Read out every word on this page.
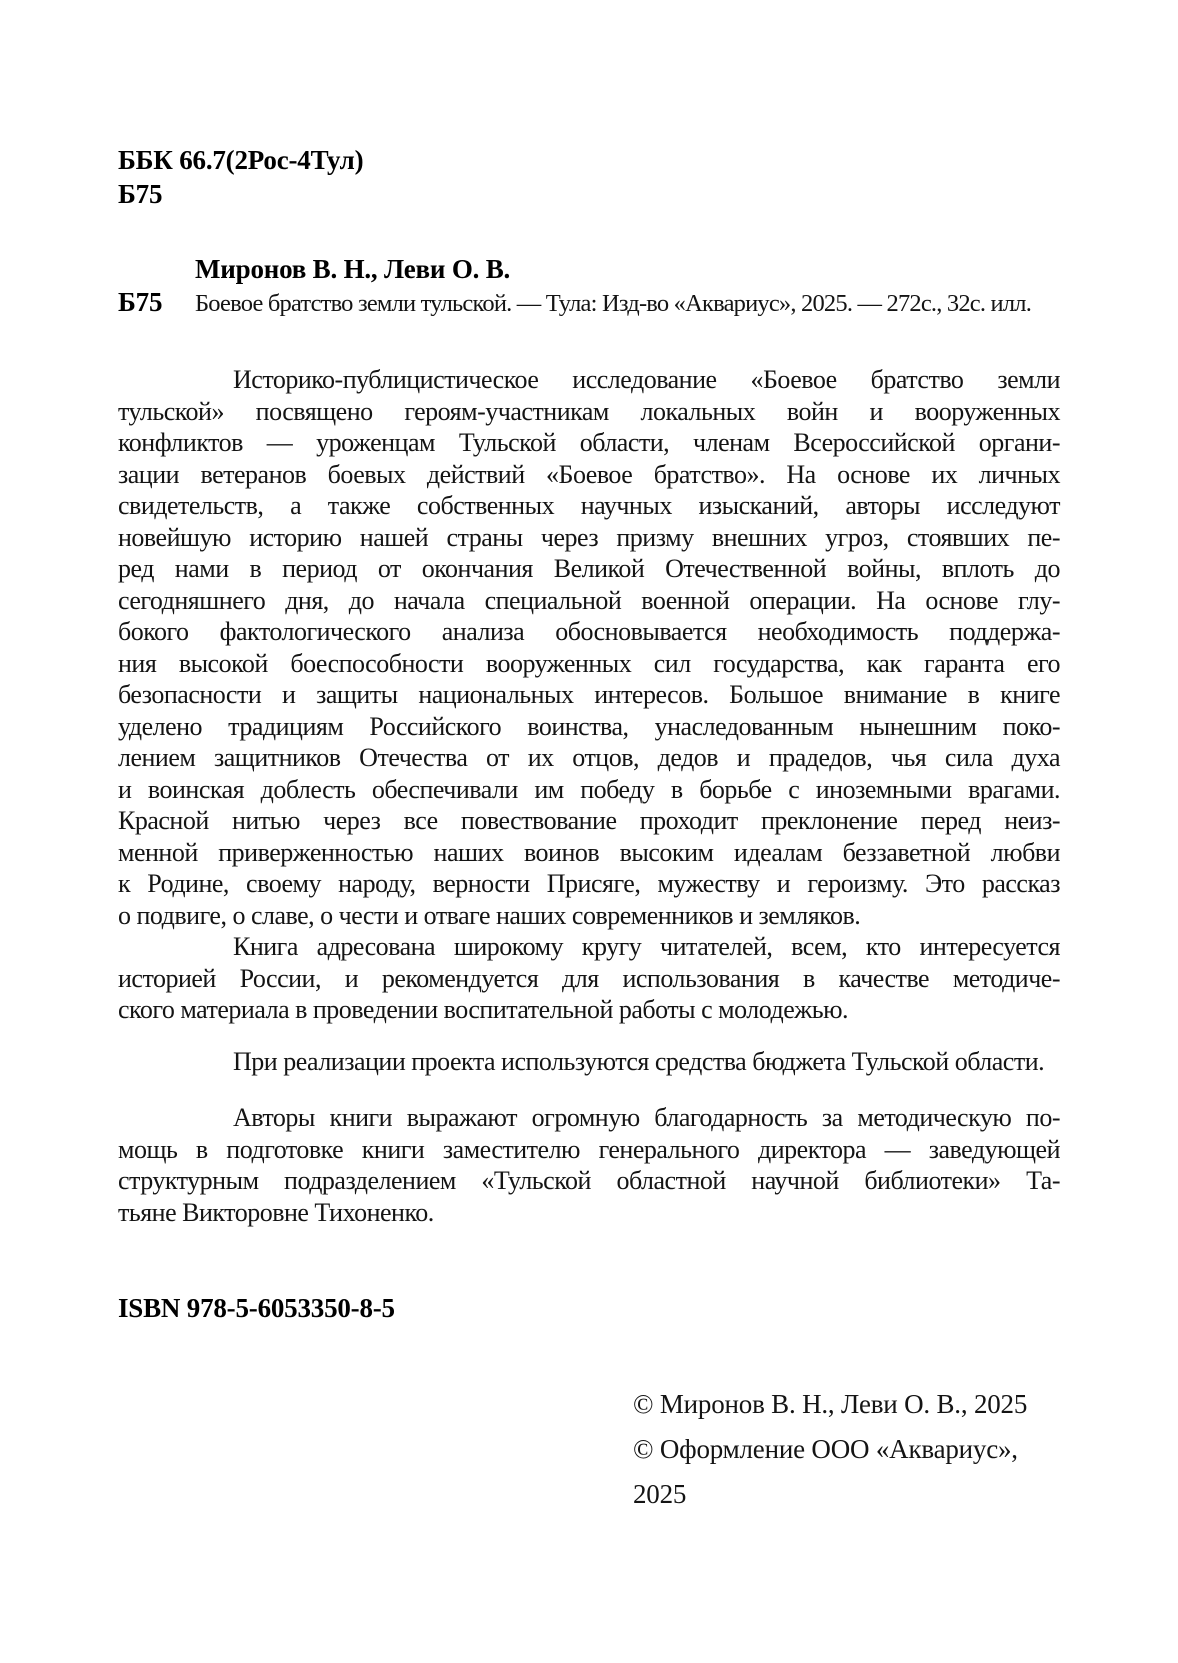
ББК 66.7(2Рос-4Тул)
Б75
Миронов В. Н., Леви О. В.
Б75	Боевое братство земли тульской. — Тула: Изд-во «Аквариус», 2025. — 272с., 32с. илл.
Историко-публицистическое исследование «Боевое братство земли
тульской» посвящено героям-участникам локальных войн и вооруженных
конфликтов — уроженцам Тульской области, членам Всероссийской органи-
зации ветеранов боевых действий «Боевое братство». На основе их личных
свидетельств, а также собственных научных изысканий, авторы исследуют
новейшую историю нашей страны через призму внешних угроз, стоявших пе-
ред нами в период от окончания Великой Отечественной войны, вплоть до
сегодняшнего дня, до начала специальной военной операции. На основе глу-
бокого фактологического анализа обосновывается необходимость поддержа-
ния высокой боеспособности вооруженных сил государства, как гаранта его
безопасности и защиты национальных интересов. Большое внимание в книге
уделено традициям Российского воинства, унаследованным нынешним поко-
лением защитников Отечества от их отцов, дедов и прадедов, чья сила духа
и воинская доблесть обеспечивали им победу в борьбе с иноземными врагами.
Красной нитью через все повествование проходит преклонение перед неиз-
менной приверженностью наших воинов высоким идеалам беззаветной любви
к Родине, своему народу, верности Присяге, мужеству и героизму. Это рассказ
о подвиге, о славе, о чести и отваге наших современников и земляков.
Книга адресована широкому кругу читателей, всем, кто интересуется
историей России, и рекомендуется для использования в качестве методиче-
ского материала в проведении воспитательной работы с молодежью.
При реализации проекта используются средства бюджета Тульской области.
Авторы книги выражают огромную благодарность за методическую по-
мощь в подготовке книги заместителю генерального директора — заведующей
структурным подразделением «Тульской областной научной библиотеки» Та-
тьяне Викторовне Тихоненко.
ISBN 978-5-6053350-8-5
© Миронов В. Н., Леви О. В., 2025
© Оформление ООО «Аквариус», 2025
